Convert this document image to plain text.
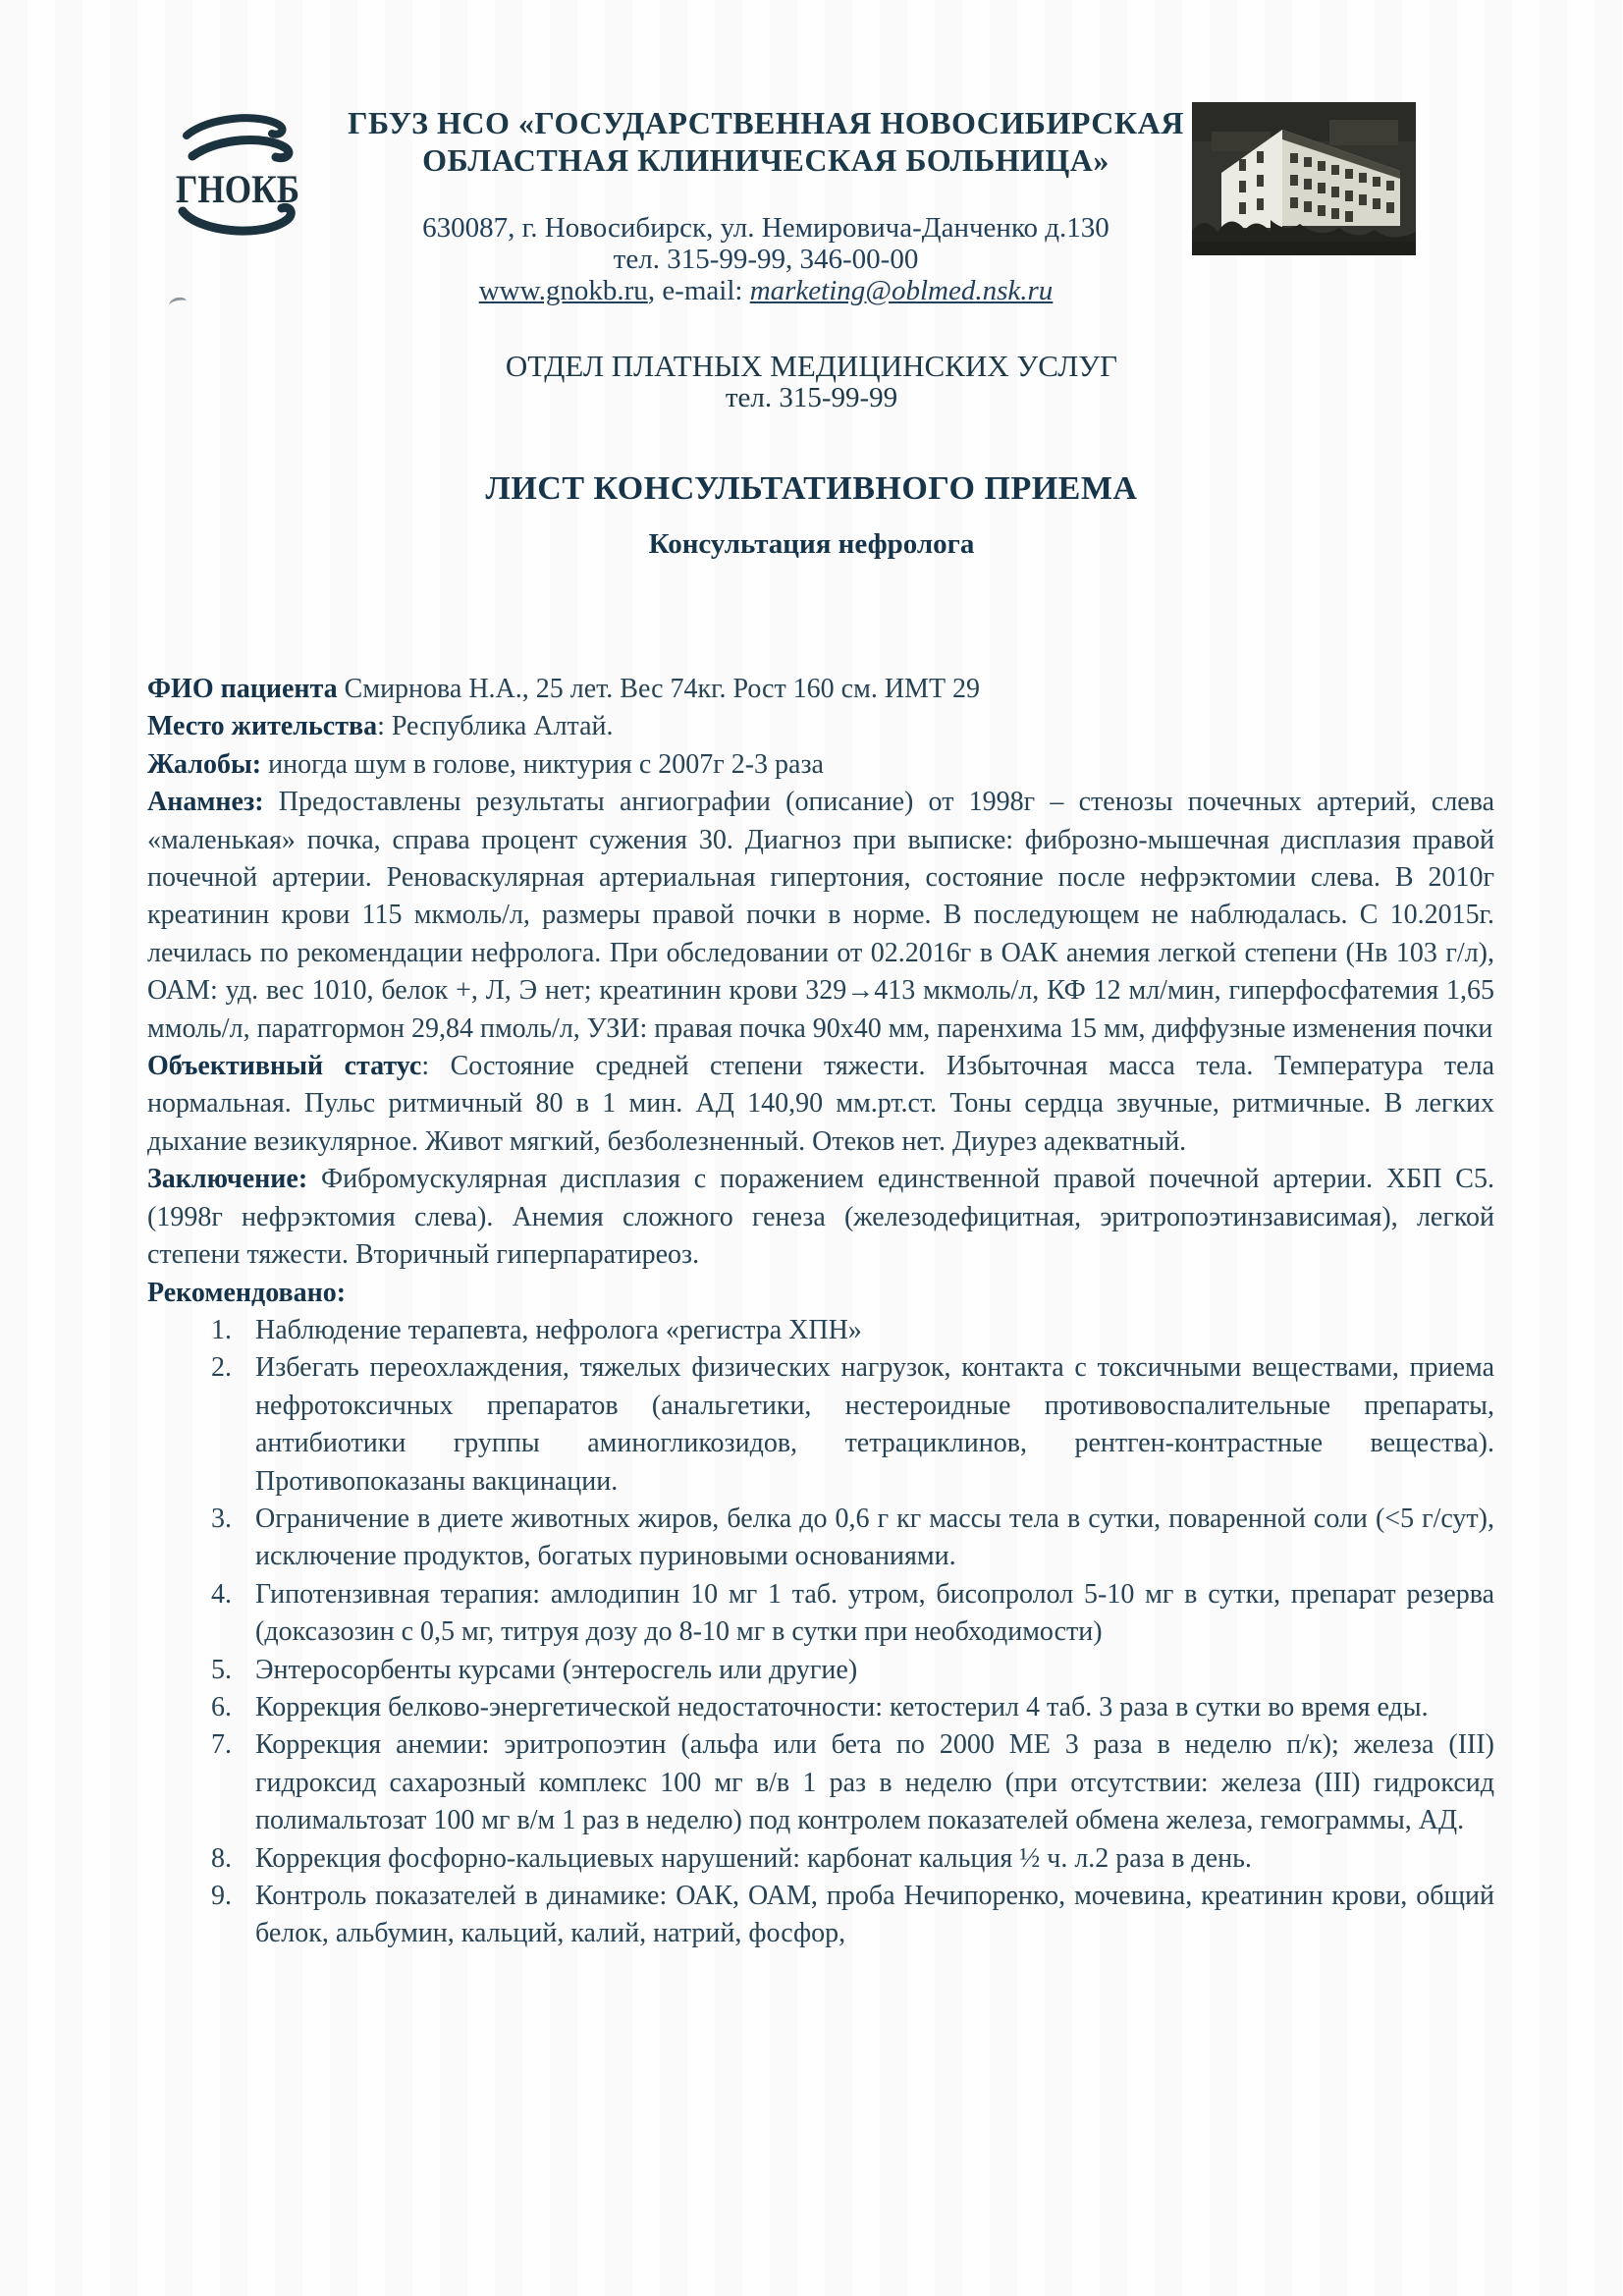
ГНОКБ
ГБУЗ НСО «ГОСУДАРСТВЕННАЯ НОВОСИБИРСКАЯ
ОБЛАСТНАЯ КЛИНИЧЕСКАЯ БОЛЬНИЦА»
630087, г. Новосибирск, ул. Немировича-Данченко д.130
тел. 315-99-99, 346-00-00
www.gnokb.ru, e-mail: marketing@oblmed.nsk.ru
ОТДЕЛ ПЛАТНЫХ МЕДИЦИНСКИХ УСЛУГ
тел. 315-99-99
ЛИСТ КОНСУЛЬТАТИВНОГО ПРИЕМА
Консультация нефролога

ФИО пациента Смирнова Н.А., 25 лет. Вес 74кг. Рост 160 см. ИМТ 29

Место жительства: Республика Алтай.

Жалобы: иногда шум в голове, никтурия с 2007г 2-3 раза

Анамнез: Предоставлены результаты ангиографии (описание) от 1998г – стенозы почечных артерий, слева «маленькая» почка, справа процент сужения 30. Диагноз при выписке: фиброзно-мышечная дисплазия правой почечной артерии. Реноваскулярная артериальная гипертония, состояние после нефрэктомии слева. В 2010г креатинин крови 115 мкмоль/л, размеры правой почки в норме. В последующем не наблюдалась. С 10.2015г. лечилась по рекомендации нефролога. При обследовании от 02.2016г в ОАК анемия легкой степени (Нв 103 г/л), ОАМ: уд. вес 1010, белок +, Л, Э нет; креатинин крови 329→413 мкмоль/л, КФ 12 мл/мин, гиперфосфатемия 1,65 ммоль/л, паратгормон 29,84 пмоль/л, УЗИ: правая почка 90х40 мм, паренхима 15 мм, диффузные изменения почки

Объективный статус: Состояние средней степени тяжести. Избыточная масса тела. Температура тела нормальная. Пульс ритмичный 80 в 1 мин. АД 140,90 мм.рт.ст. Тоны сердца звучные, ритмичные. В легких дыхание везикулярное. Живот мягкий, безболезненный. Отеков нет. Диурез адекватный.

Заключение: Фибромускулярная дисплазия с поражением единственной правой почечной артерии. ХБП С5. (1998г нефрэктомия слева). Анемия сложного генеза (железодефицитная, эритропоэтинзависимая), легкой степени тяжести. Вторичный гиперпаратиреоз.

Рекомендовано:

1. Наблюдение терапевта, нефролога «регистра ХПН»
2. Избегать переохлаждения, тяжелых физических нагрузок, контакта с токсичными веществами, приема нефротоксичных препаратов (анальгетики, нестероидные противовоспалительные препараты, антибиотики группы аминогликозидов, тетрациклинов, рентген-контрастные вещества). Противопоказаны вакцинации.
3. Ограничение в диете животных жиров, белка до 0,6 г кг массы тела в сутки, поваренной соли (<5 г/сут), исключение продуктов, богатых пуриновыми основаниями.
4. Гипотензивная терапия: амлодипин 10 мг 1 таб. утром, бисопролол 5-10 мг в сутки, препарат резерва (доксазозин с 0,5 мг, титруя дозу до 8-10 мг в сутки при необходимости)
5. Энтеросорбенты курсами (энтеросгель или другие)
6. Коррекция белково-энергетической недостаточности: кетостерил 4 таб. 3 раза в сутки во время еды.
7. Коррекция анемии: эритропоэтин (альфа или бета по 2000 МЕ 3 раза в неделю п/к); железа (III) гидроксид сахарозный комплекс 100 мг в/в 1 раз в неделю (при отсутствии: железа (III) гидроксид полимальтозат 100 мг в/м 1 раз в неделю) под контролем показателей обмена железа, гемограммы, АД.
8. Коррекция фосфорно-кальциевых нарушений: карбонат кальция ½ ч. л.2 раза в день.
9. Контроль показателей в динамике: ОАК, ОАМ, проба Нечипоренко, мочевина, креатинин крови, общий белок, альбумин, кальций, калий, натрий, фосфор,
